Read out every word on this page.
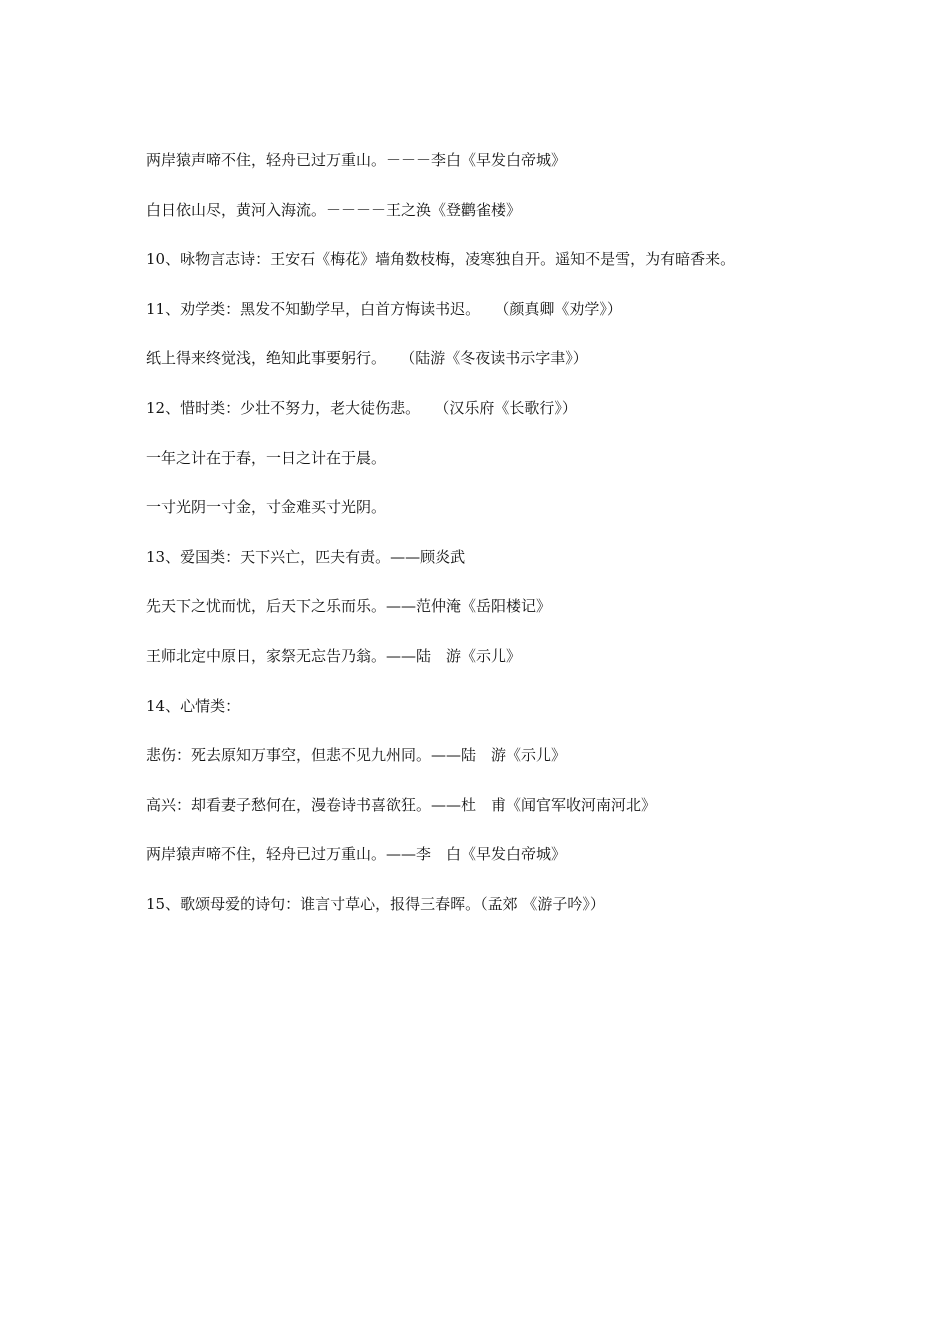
两岸猿声啼不住，轻舟已过万重山。－－－李白《早发白帝城》
白日依山尽，黄河入海流。－－－－王之涣《登鹳雀楼》
10、咏物言志诗：王安石《梅花》墙角数枝梅，凌寒独自开。遥知不是雪，为有暗香来。
11、劝学类：黑发不知勤学早，白首方悔读书迟。   （颜真卿《劝学》）
纸上得来终觉浅，绝知此事要躬行。   （陆游《冬夜读书示字聿》）
12、惜时类：少壮不努力，老大徒伤悲。   （汉乐府《长歌行》）
一年之计在于春，一日之计在于晨。
一寸光阴一寸金，寸金难买寸光阴。
13、爱国类：天下兴亡，匹夫有责。——顾炎武
先天下之忧而忧，后天下之乐而乐。——范仲淹《岳阳楼记》
王师北定中原日，家祭无忘告乃翁。——陆　游《示儿》
14、心情类：
悲伤：死去原知万事空，但悲不见九州同。——陆　游《示儿》
高兴：却看妻子愁何在，漫卷诗书喜欲狂。——杜　甫《闻官军收河南河北》
两岸猿声啼不住，轻舟已过万重山。——李　白《早发白帝城》
15、歌颂母爱的诗句：谁言寸草心，报得三春晖。（孟郊 《游子吟》）
